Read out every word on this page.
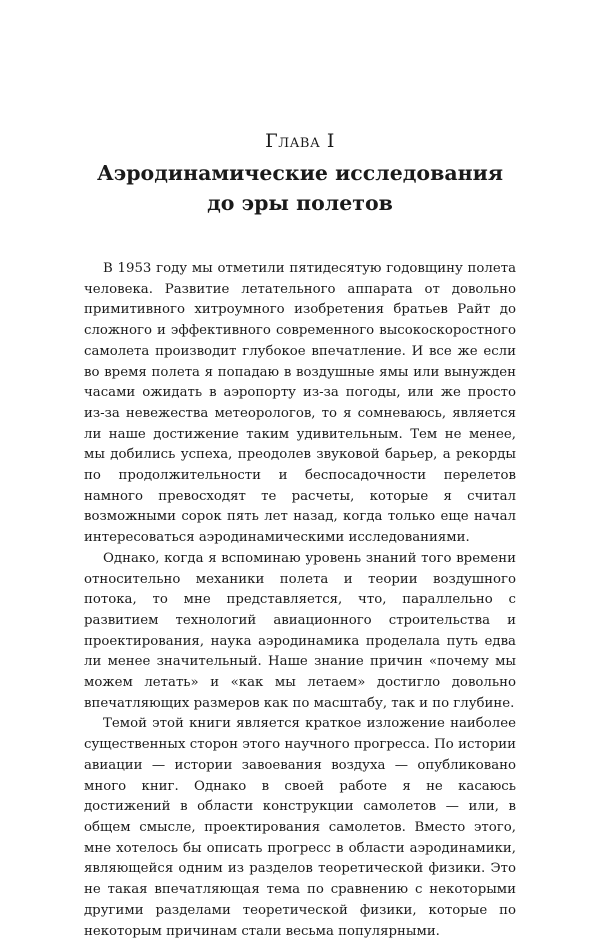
Глава I
Аэродинамические исследования до эры полетов

В 1953 году мы отметили пятидесятую годовщину полета человека. Развитие летательного аппарата от довольно примитивного хитроумного изобретения братьев Райт до сложного и эффективного современного высокоскоростного самолета производит глубокое впечатление. И все же если во время полета я попадаю в воздушные ямы или вынужден часами ожидать в аэропорту из-за погоды, или же просто из-за невежества метеорологов, то я сомневаюсь, является ли наше достижение таким удивительным. Тем не менее, мы добились успеха, преодолев звуковой барьер, а рекорды по продолжительности и беспосадочности перелетов намного превосходят те расчеты, которые я считал возможными сорок пять лет назад, когда только еще начал интересоваться аэродинамическими исследованиями.

Однако, когда я вспоминаю уровень знаний того времени относительно механики полета и теории воздушного потока, то мне представляется, что, параллельно с развитием технологий авиационного строительства и проектирования, наука аэродинамика проделала путь едва ли менее значительный. Наше знание причин «почему мы можем летать» и «как мы летаем» достигло довольно впечатляющих размеров как по масштабу, так и по глубине.

Темой этой книги является краткое изложение наиболее существенных сторон этого научного прогресса. По истории авиации — истории завоевания воздуха — опубликовано много книг. Однако в своей работе я не касаюсь достижений в области конструкции самолетов — или, в общем смысле, проектирования самолетов. Вместо этого, мне хотелось бы описать прогресс в области аэродинамики, являющейся одним из разделов теоретической физики. Это не такая впечатляющая тема по сравнению с некоторыми другими разделами теоретической физики, которые по некоторым причинам стали весьма популярными.
